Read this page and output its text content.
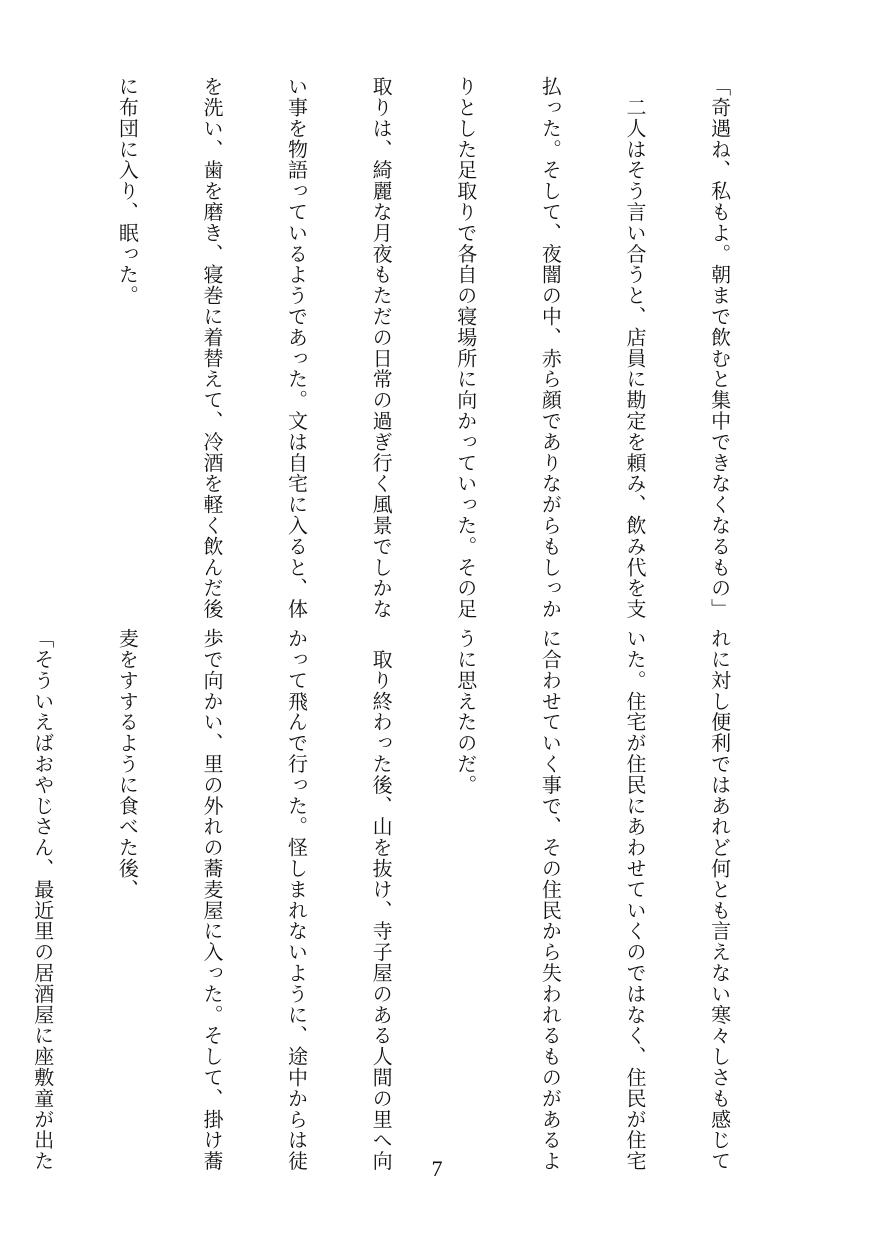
「奇遇ね、私もよ。朝まで飲むと集中できなくなるもの」

　二人はそう言い合うと、店員に勘定を頼み、飲み代を支

払った。そして、夜闇の中、赤ら顔でありながらもしっか

りとした足取りで各自の寝場所に向かっていった。その足

取りは、綺麗な月夜もただの日常の過ぎ行く風景でしかな

い事を物語っているようであった。文は自宅に入ると、体

を洗い、歯を磨き、寝巻に着替えて、冷酒を軽く飲んだ後

に布団に入り、眠った。

れに対し便利ではあれど何とも言えない寒々しさも感じて

いた。住宅が住民にあわせていくのではなく、住民が住宅

に合わせていく事で、その住民から失われるものがあるよ

うに思えたのだ。

　取り終わった後、山を抜け、寺子屋のある人間の里へ向

かって飛んで行った。怪しまれないように、途中からは徒

歩で向かい、里の外れの蕎麦屋に入った。そして、掛け蕎

麦をすするように食べた後、

「そういえばおやじさん、最近里の居酒屋に座敷童が出た

	7
